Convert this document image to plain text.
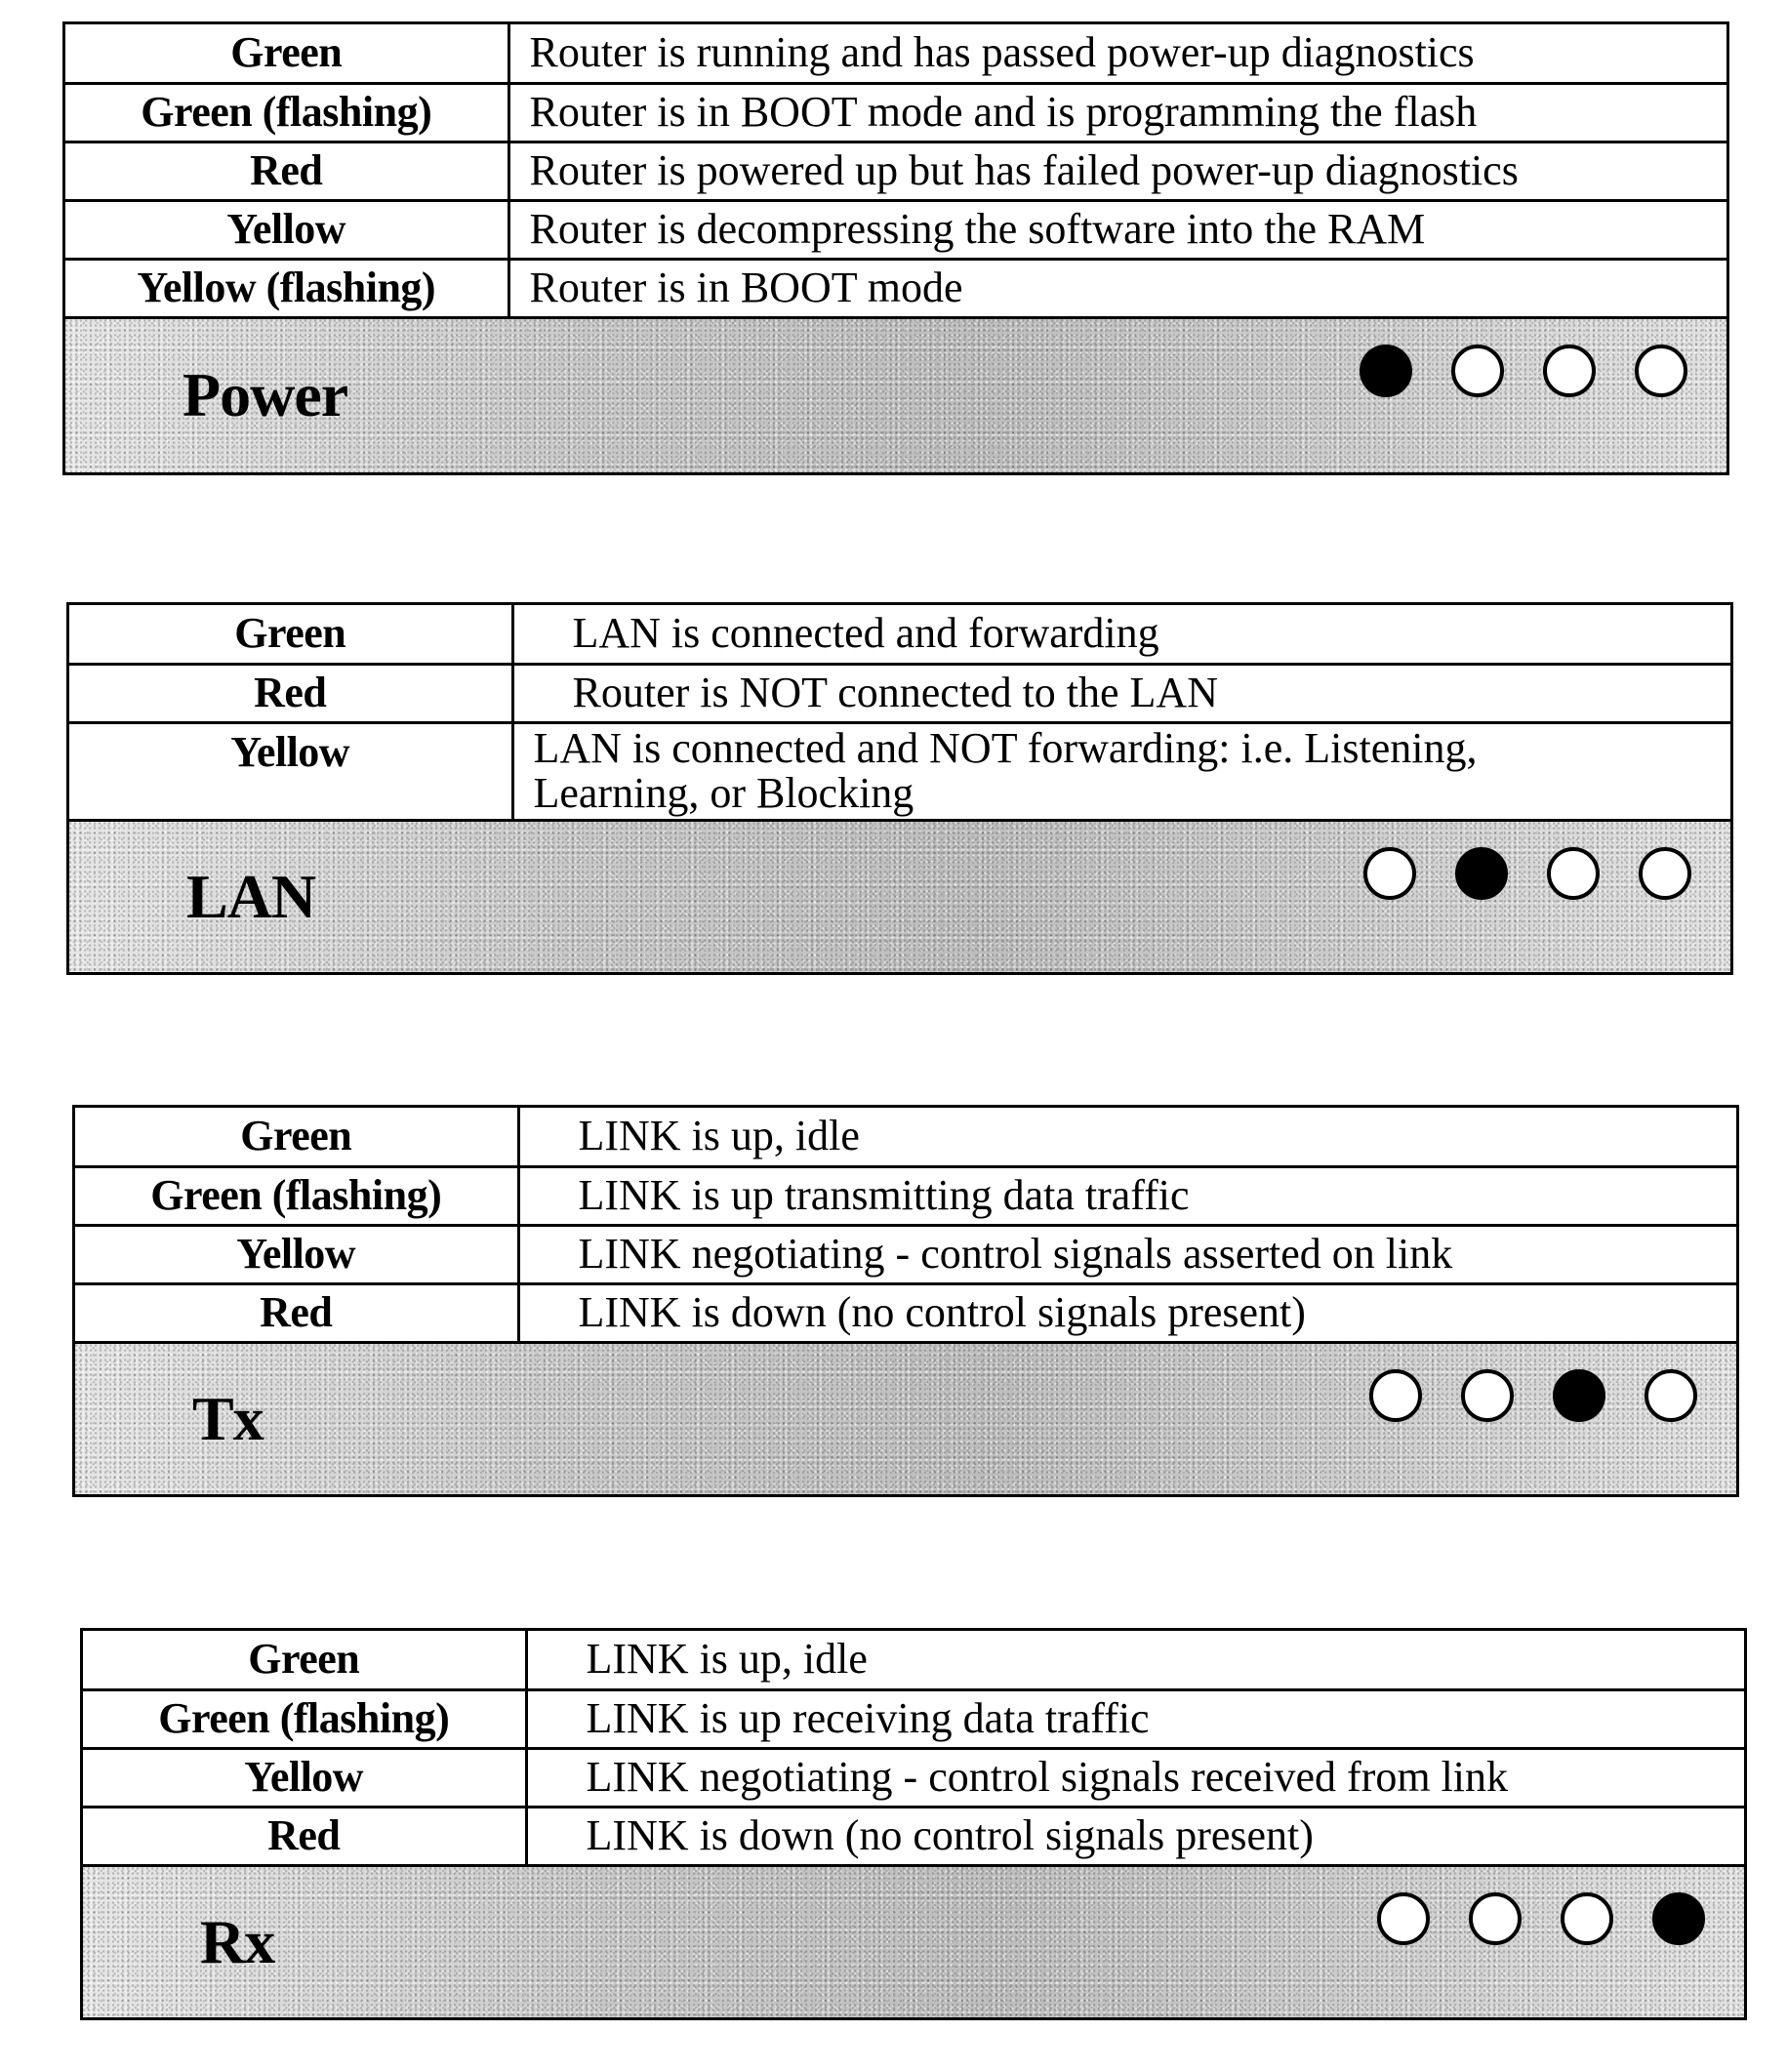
Green	Router is running and has passed power-up diagnostics
Green (flashing)	Router is in BOOT mode and is programming the flash
Red	Router is powered up but has failed power-up diagnostics
Yellow	Router is decompressing the software into the RAM
Yellow (flashing)	Router is in BOOT mode
Power
Green	LAN is connected and forwarding
Red	Router is NOT connected to the LAN
Yellow	LAN is connected and NOT forwarding: i.e. Listening, Learning, or Blocking
LAN
Green	LINK is up, idle
Green (flashing)	LINK is up transmitting data traffic
Yellow	LINK negotiating - control signals asserted on link
Red	LINK is down (no control signals present)
Tx
Green	LINK is up, idle
Green (flashing)	LINK is up receiving data traffic
Yellow	LINK negotiating - control signals received from link
Red	LINK is down (no control signals present)
Rx
